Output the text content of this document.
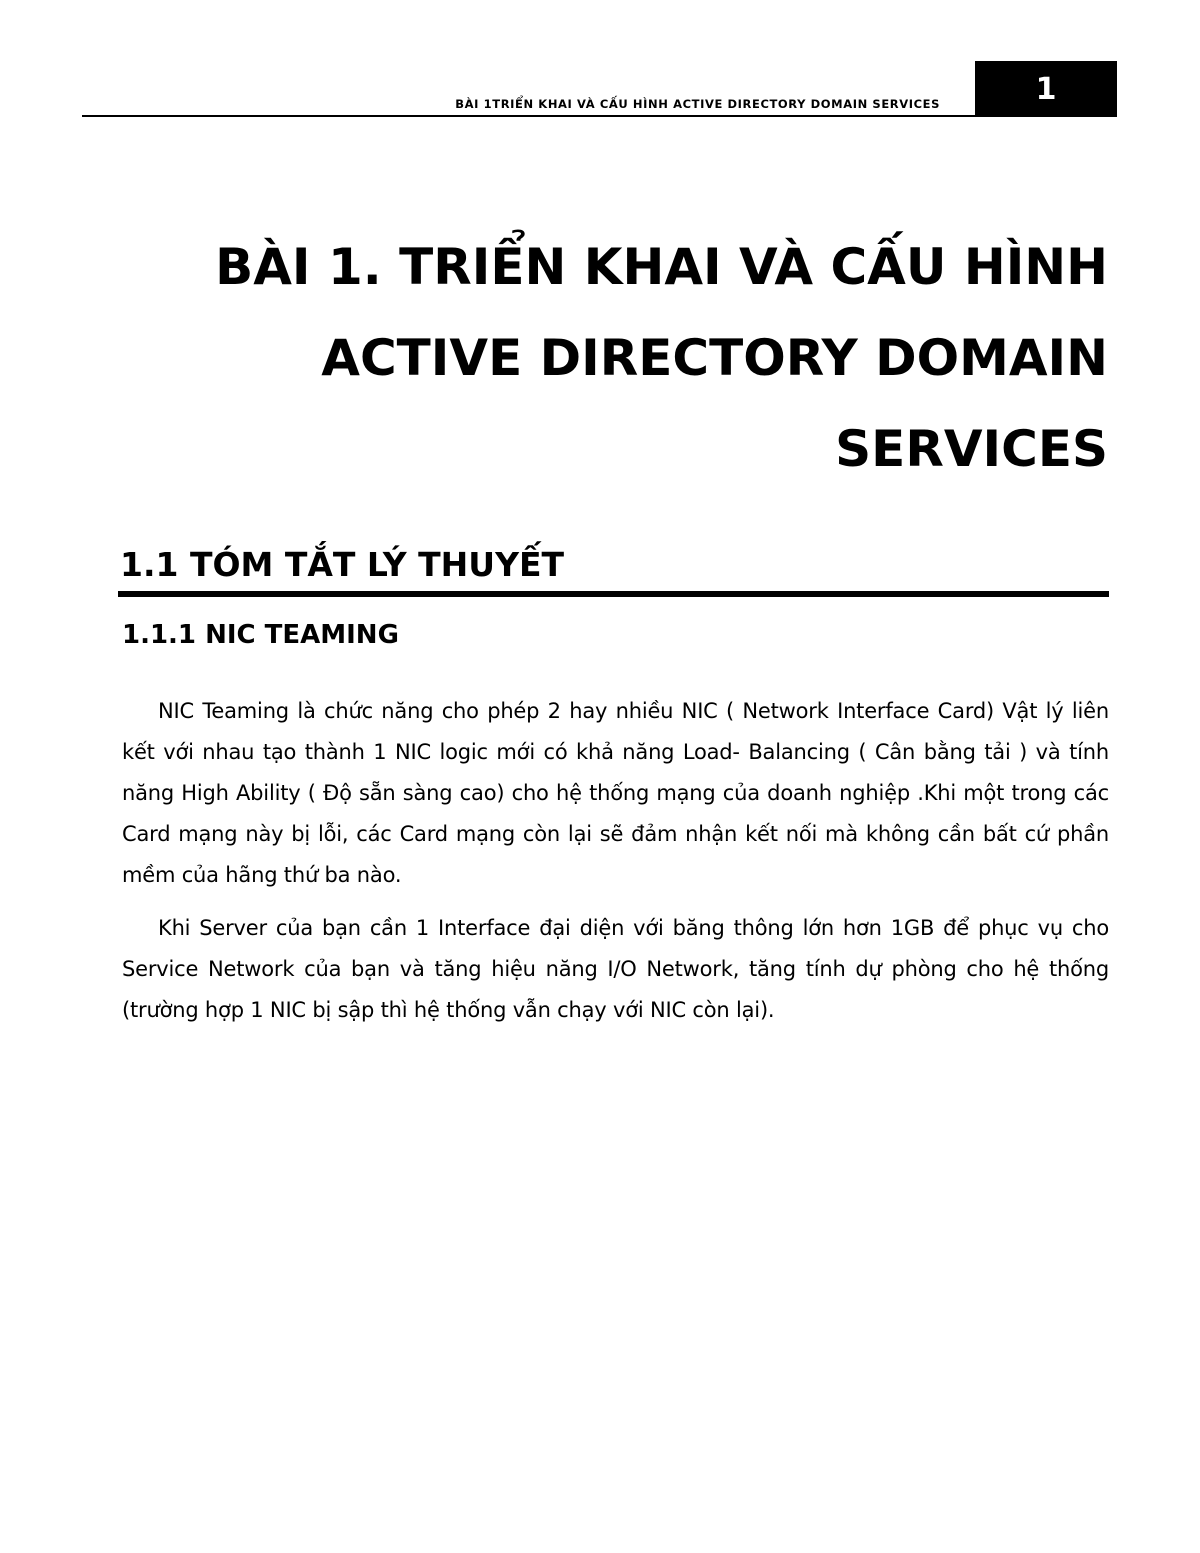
BÀI 1TRIỂN KHAI VÀ CẤU HÌNH ACTIVE DIRECTORY DOMAIN SERVICES	1
BÀI 1. TRIỂN KHAI VÀ CẤU HÌNH
ACTIVE DIRECTORY DOMAIN
SERVICES
1.1 TÓM TẮT LÝ THUYẾT
1.1.1 NIC TEAMING

NIC Teaming là chức năng cho phép 2 hay nhiều NIC ( Network Interface Card) Vật lý liên kết với nhau tạo thành 1 NIC logic mới có khả năng Load- Balancing ( Cân bằng tải ) và tính năng High Ability ( Độ sẵn sàng cao) cho hệ thống mạng của doanh nghiệp .Khi một trong các Card mạng này bị lỗi, các Card mạng còn lại sẽ đảm nhận kết nối mà không cần bất cứ phần mềm của hãng thứ ba nào.

Khi Server của bạn cần 1 Interface đại diện với băng thông lớn hơn 1GB để phục vụ cho Service Network của bạn và tăng hiệu năng I/O Network, tăng tính dự phòng cho hệ thống (trường hợp 1 NIC bị sập thì hệ thống vẫn chạy với NIC còn lại).
